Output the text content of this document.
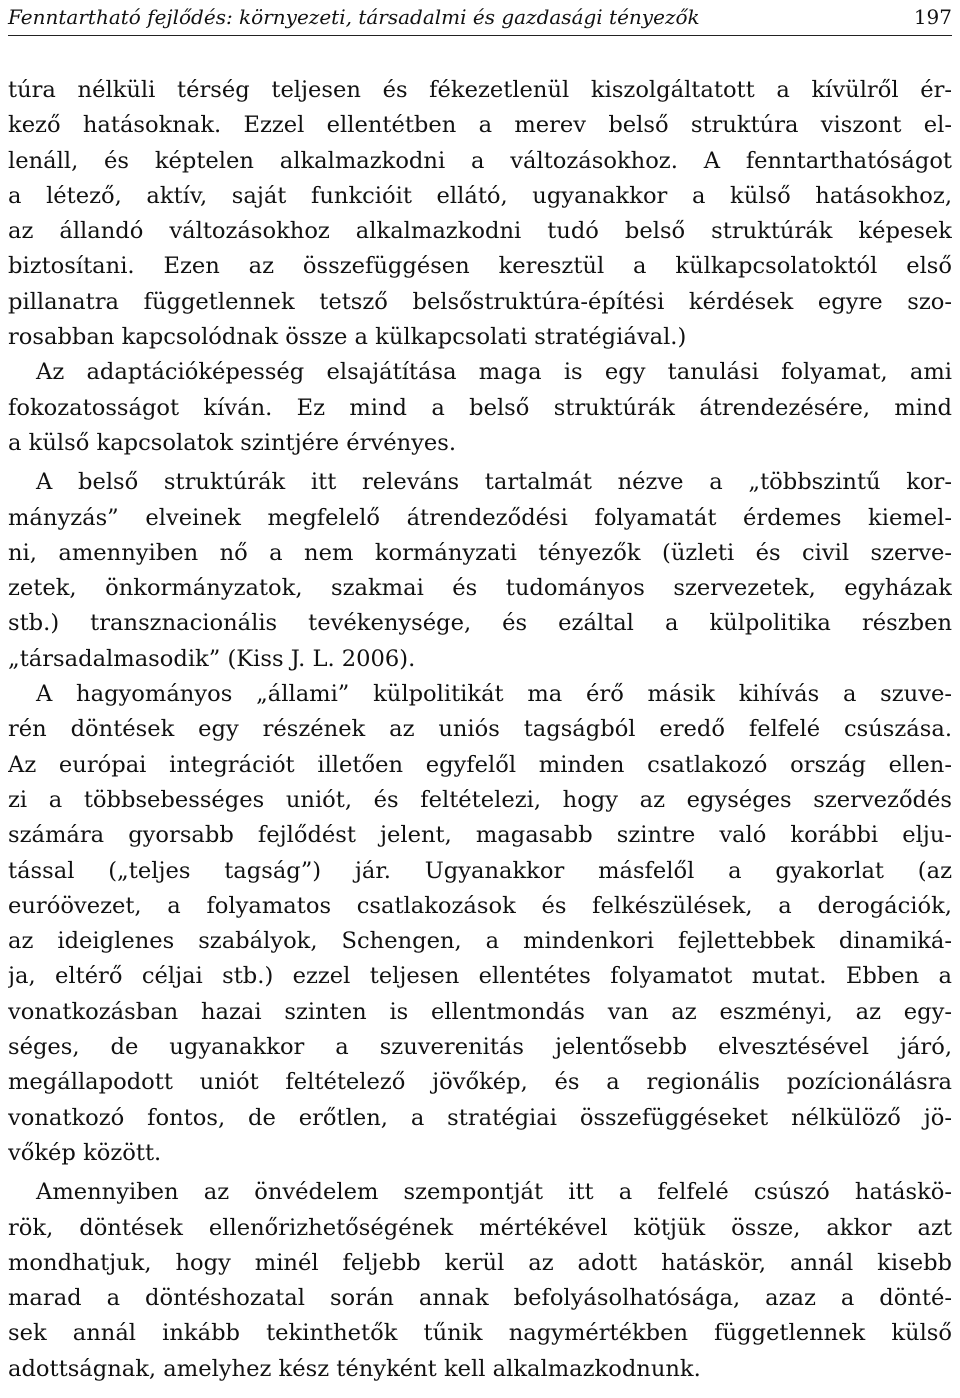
Fenntartható fejlődés: környezeti, társadalmi és gazdasági tényezők	197
túra nélküli térség teljesen és fékezetlenül kiszolgáltatott a kívülről ér-
kező hatásoknak. Ezzel ellentétben a merev belső struktúra viszont el-
lenáll, és képtelen alkalmazkodni a változásokhoz. A fenntarthatóságot
a létező, aktív, saját funkcióit ellátó, ugyanakkor a külső hatásokhoz,
az állandó változásokhoz alkalmazkodni tudó belső struktúrák képesek
biztosítani. Ezen az összefüggésen keresztül a külkapcsolatoktól első
pillanatra függetlennek tetsző belsőstruktúra-építési kérdések egyre szo-
rosabban kapcsolódnak össze a külkapcsolati stratégiával.)
Az adaptációképesség elsajátítása maga is egy tanulási folyamat, ami
fokozatosságot kíván. Ez mind a belső struktúrák átrendezésére, mind
a külső kapcsolatok szintjére érvényes.
A belső struktúrák itt releváns tartalmát nézve a „többszintű kor-
mányzás” elveinek megfelelő átrendeződési folyamatát érdemes kiemel-
ni, amennyiben nő a nem kormányzati tényezők (üzleti és civil szerve-
zetek, önkormányzatok, szakmai és tudományos szervezetek, egyházak
stb.) transznacionális tevékenysége, és ezáltal a külpolitika részben
„társadalmasodik” (Kiss J. L. 2006).
A hagyományos „állami” külpolitikát ma érő másik kihívás a szuve-
rén döntések egy részének az uniós tagságból eredő felfelé csúszása.
Az európai integrációt illetően egyfelől minden csatlakozó ország ellen-
zi a többsebességes uniót, és feltételezi, hogy az egységes szerveződés
számára gyorsabb fejlődést jelent, magasabb szintre való korábbi elju-
tással („teljes tagság”) jár. Ugyanakkor másfelől a gyakorlat (az
euróövezet, a folyamatos csatlakozások és felkészülések, a derogációk,
az ideiglenes szabályok, Schengen, a mindenkori fejlettebbek dinamiká-
ja, eltérő céljai stb.) ezzel teljesen ellentétes folyamatot mutat. Ebben a
vonatkozásban hazai szinten is ellentmondás van az eszményi, az egy-
séges, de ugyanakkor a szuverenitás jelentősebb elvesztésével járó,
megállapodott uniót feltételező jövőkép, és a regionális pozícionálásra
vonatkozó fontos, de erőtlen, a stratégiai összefüggéseket nélkülöző jö-
vőkép között.
Amennyiben az önvédelem szempontját itt a felfelé csúszó hatáskö-
rök, döntések ellenőrizhetőségének mértékével kötjük össze, akkor azt
mondhatjuk, hogy minél feljebb kerül az adott hatáskör, annál kisebb
marad a döntéshozatal során annak befolyásolhatósága, azaz a dönté-
sek annál inkább tekinthetők tűnik nagymértékben függetlennek külső
adottságnak, amelyhez kész tényként kell alkalmazkodnunk.
